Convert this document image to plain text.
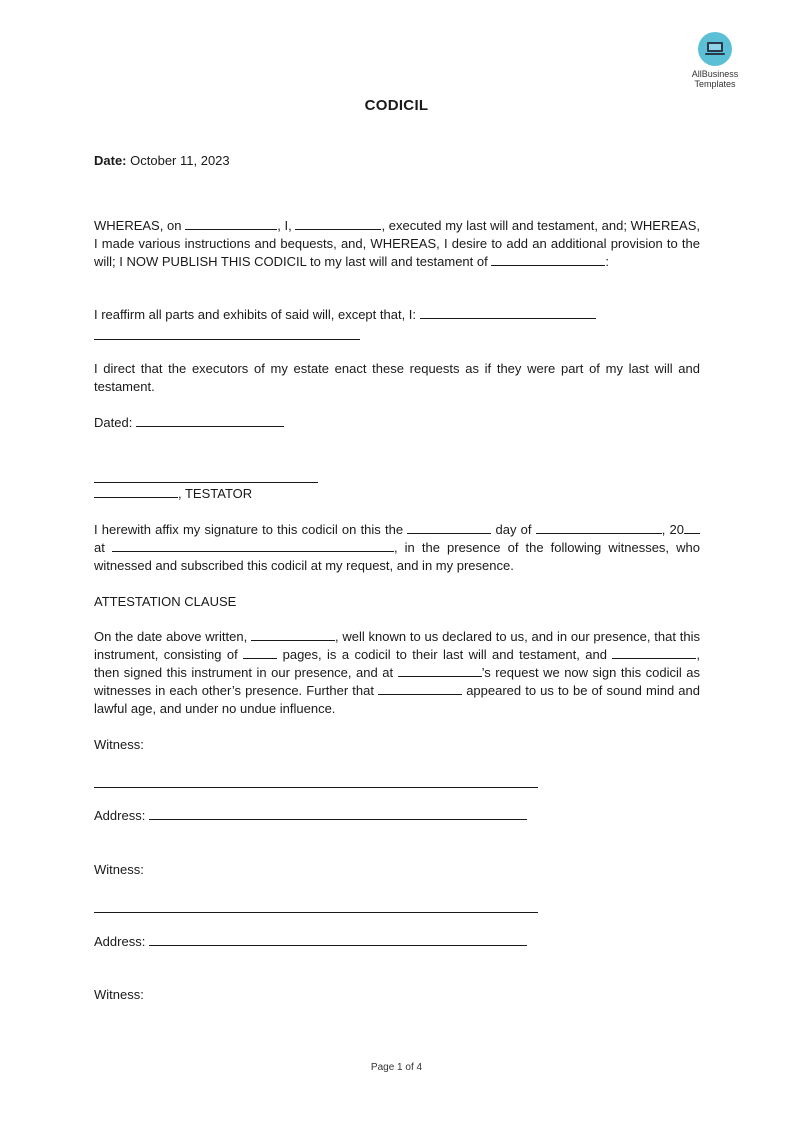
AllBusiness
Templates
CODICIL
Date: October 11, 2023
WHEREAS, on	, I,	, executed my last will and testament, and; WHEREAS, I made various instructions and bequests, and, WHEREAS, I desire to add an additional provision to the will; I NOW PUBLISH THIS CODICIL to my last will and testament of	:
I reaffirm all parts and exhibits of said will, except that, I:
I direct that the executors of my estate enact these requests as if they were part of my last will and testament.
Dated:
, TESTATOR
I herewith affix my signature to this codicil on this the	day of	, 20 at	, in the presence of the following witnesses, who witnessed and subscribed this codicil at my request, and in my presence.
ATTESTATION CLAUSE
On the date above written,	, well known to us declared to us, and in our presence, that this instrument, consisting of	pages, is a codicil to their last will and testament, and	, then signed this instrument in our presence, and at	’s request we now sign this codicil as witnesses in each other’s presence. Further that	appeared to us to be of sound mind and lawful age, and under no undue influence.
Witness:
Address:
Witness:
Address:
Witness:
Page 1 of 4
